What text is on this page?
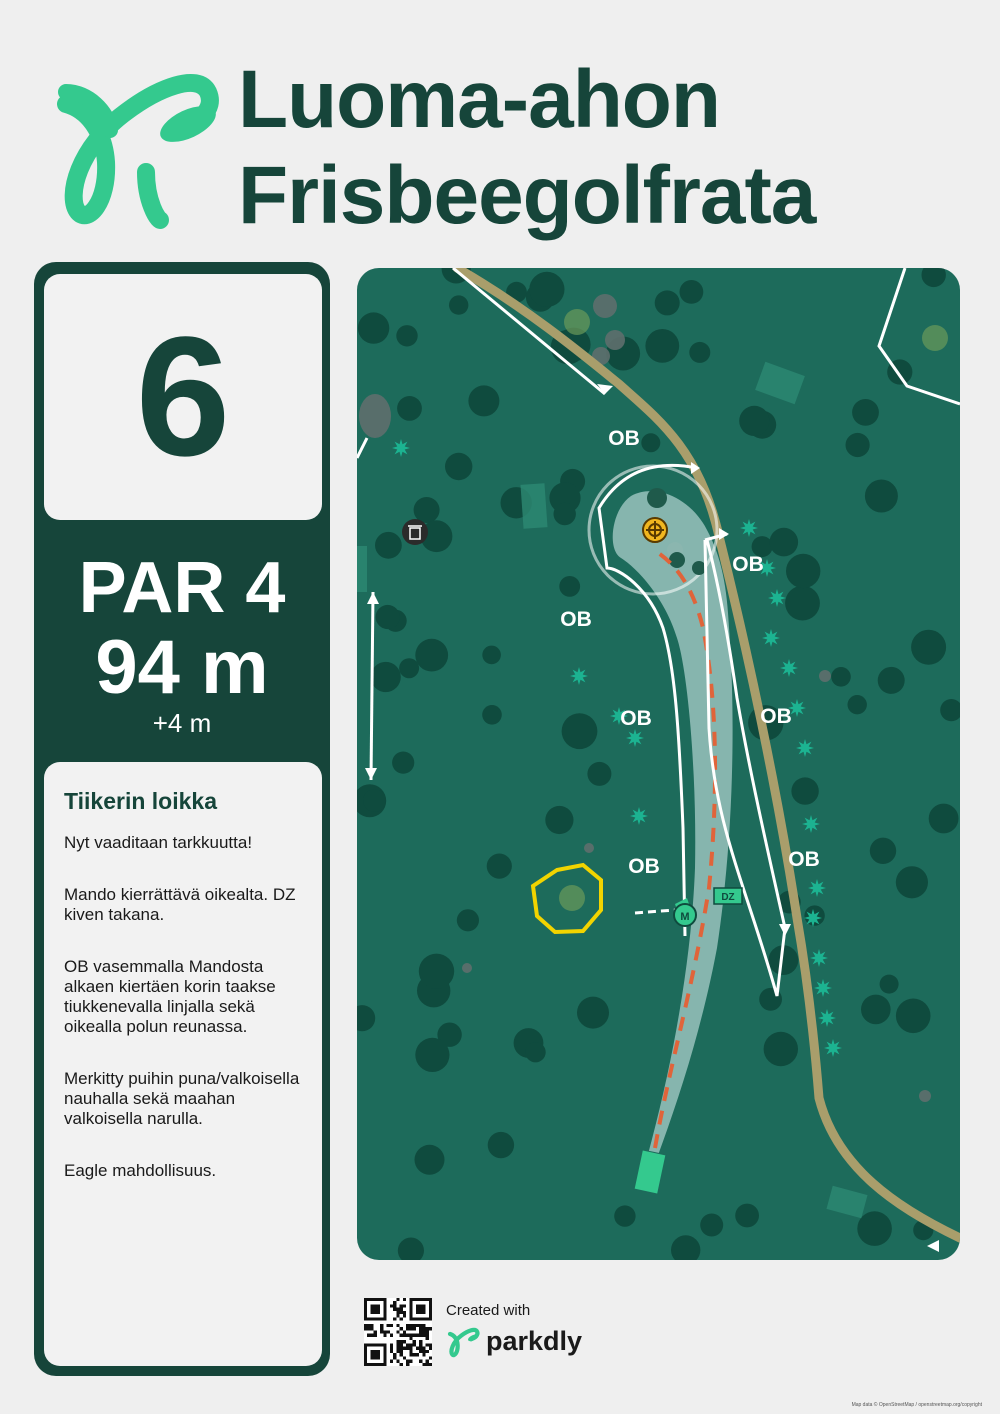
Luoma-ahon
Frisbeegolfrata
6
PAR 4
94 m
+4 m
Tiikerin loikka

Nyt vaaditaan tarkkuutta!

Mando kierrättävä oikealta. DZ kiven takana.

OB vasemmalla Mandosta alkaen kiertäen korin taakse tiukkenevalla linjalla sekä oikealla polun reunassa.

Merkitty puihin puna/valkoisella nauhalla sekä maahan valkoisella narulla.

Eagle mahdollisuus.

M
DZ
OB
OB
OB
OB	OB
OB	OB
Created with
parkdly
Map data © OpenStreetMap / openstreetmap.org/copyright
